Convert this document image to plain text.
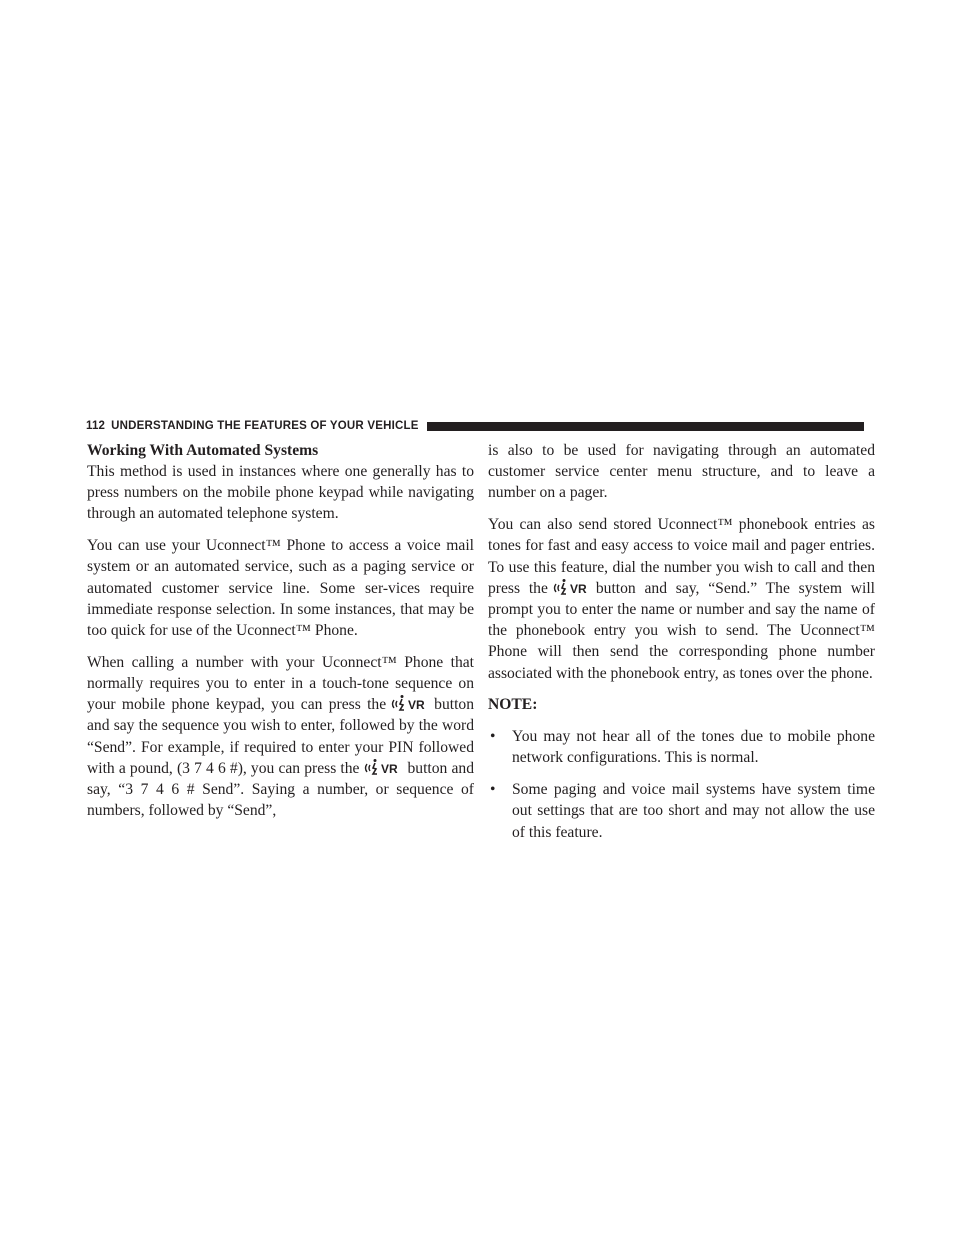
112 UNDERSTANDING THE FEATURES OF YOUR VEHICLE

Working With Automated Systems

This method is used in instances where one generally has to press numbers on the mobile phone keypad while navigating through an automated telephone system.

You can use your Uconnect™ Phone to access a voice mail system or an automated service, such as a paging service or automated customer service line. Some ser-vices require immediate response selection. In some instances, that may be too quick for use of the Uconnect™ Phone.

When calling a number with your Uconnect™ Phone that normally requires you to enter in a touch-tone sequence on your mobile phone keypad, you can press the VR button and say the sequence you wish to enter, followed by the word “Send”. For example, if required to enter your PIN followed with a pound, (3 7 4 6 #), you can press the VR button and say, “3 7 4 6 # Send”. Saying a number, or sequence of numbers, followed by “Send”,

is also to be used for navigating through an automated customer service center menu structure, and to leave a number on a pager.

You can also send stored Uconnect™ phonebook entries as tones for fast and easy access to voice mail and pager entries. To use this feature, dial the number you wish to call and then press the VR button and say, “Send.” The system will prompt you to enter the name or number and say the name of the phonebook entry you wish to send. The Uconnect™ Phone will then send the corresponding phone number associated with the phonebook entry, as tones over the phone.

NOTE:

• You may not hear all of the tones due to mobile phone network configurations. This is normal.
• Some paging and voice mail systems have system time out settings that are too short and may not allow the use of this feature.
